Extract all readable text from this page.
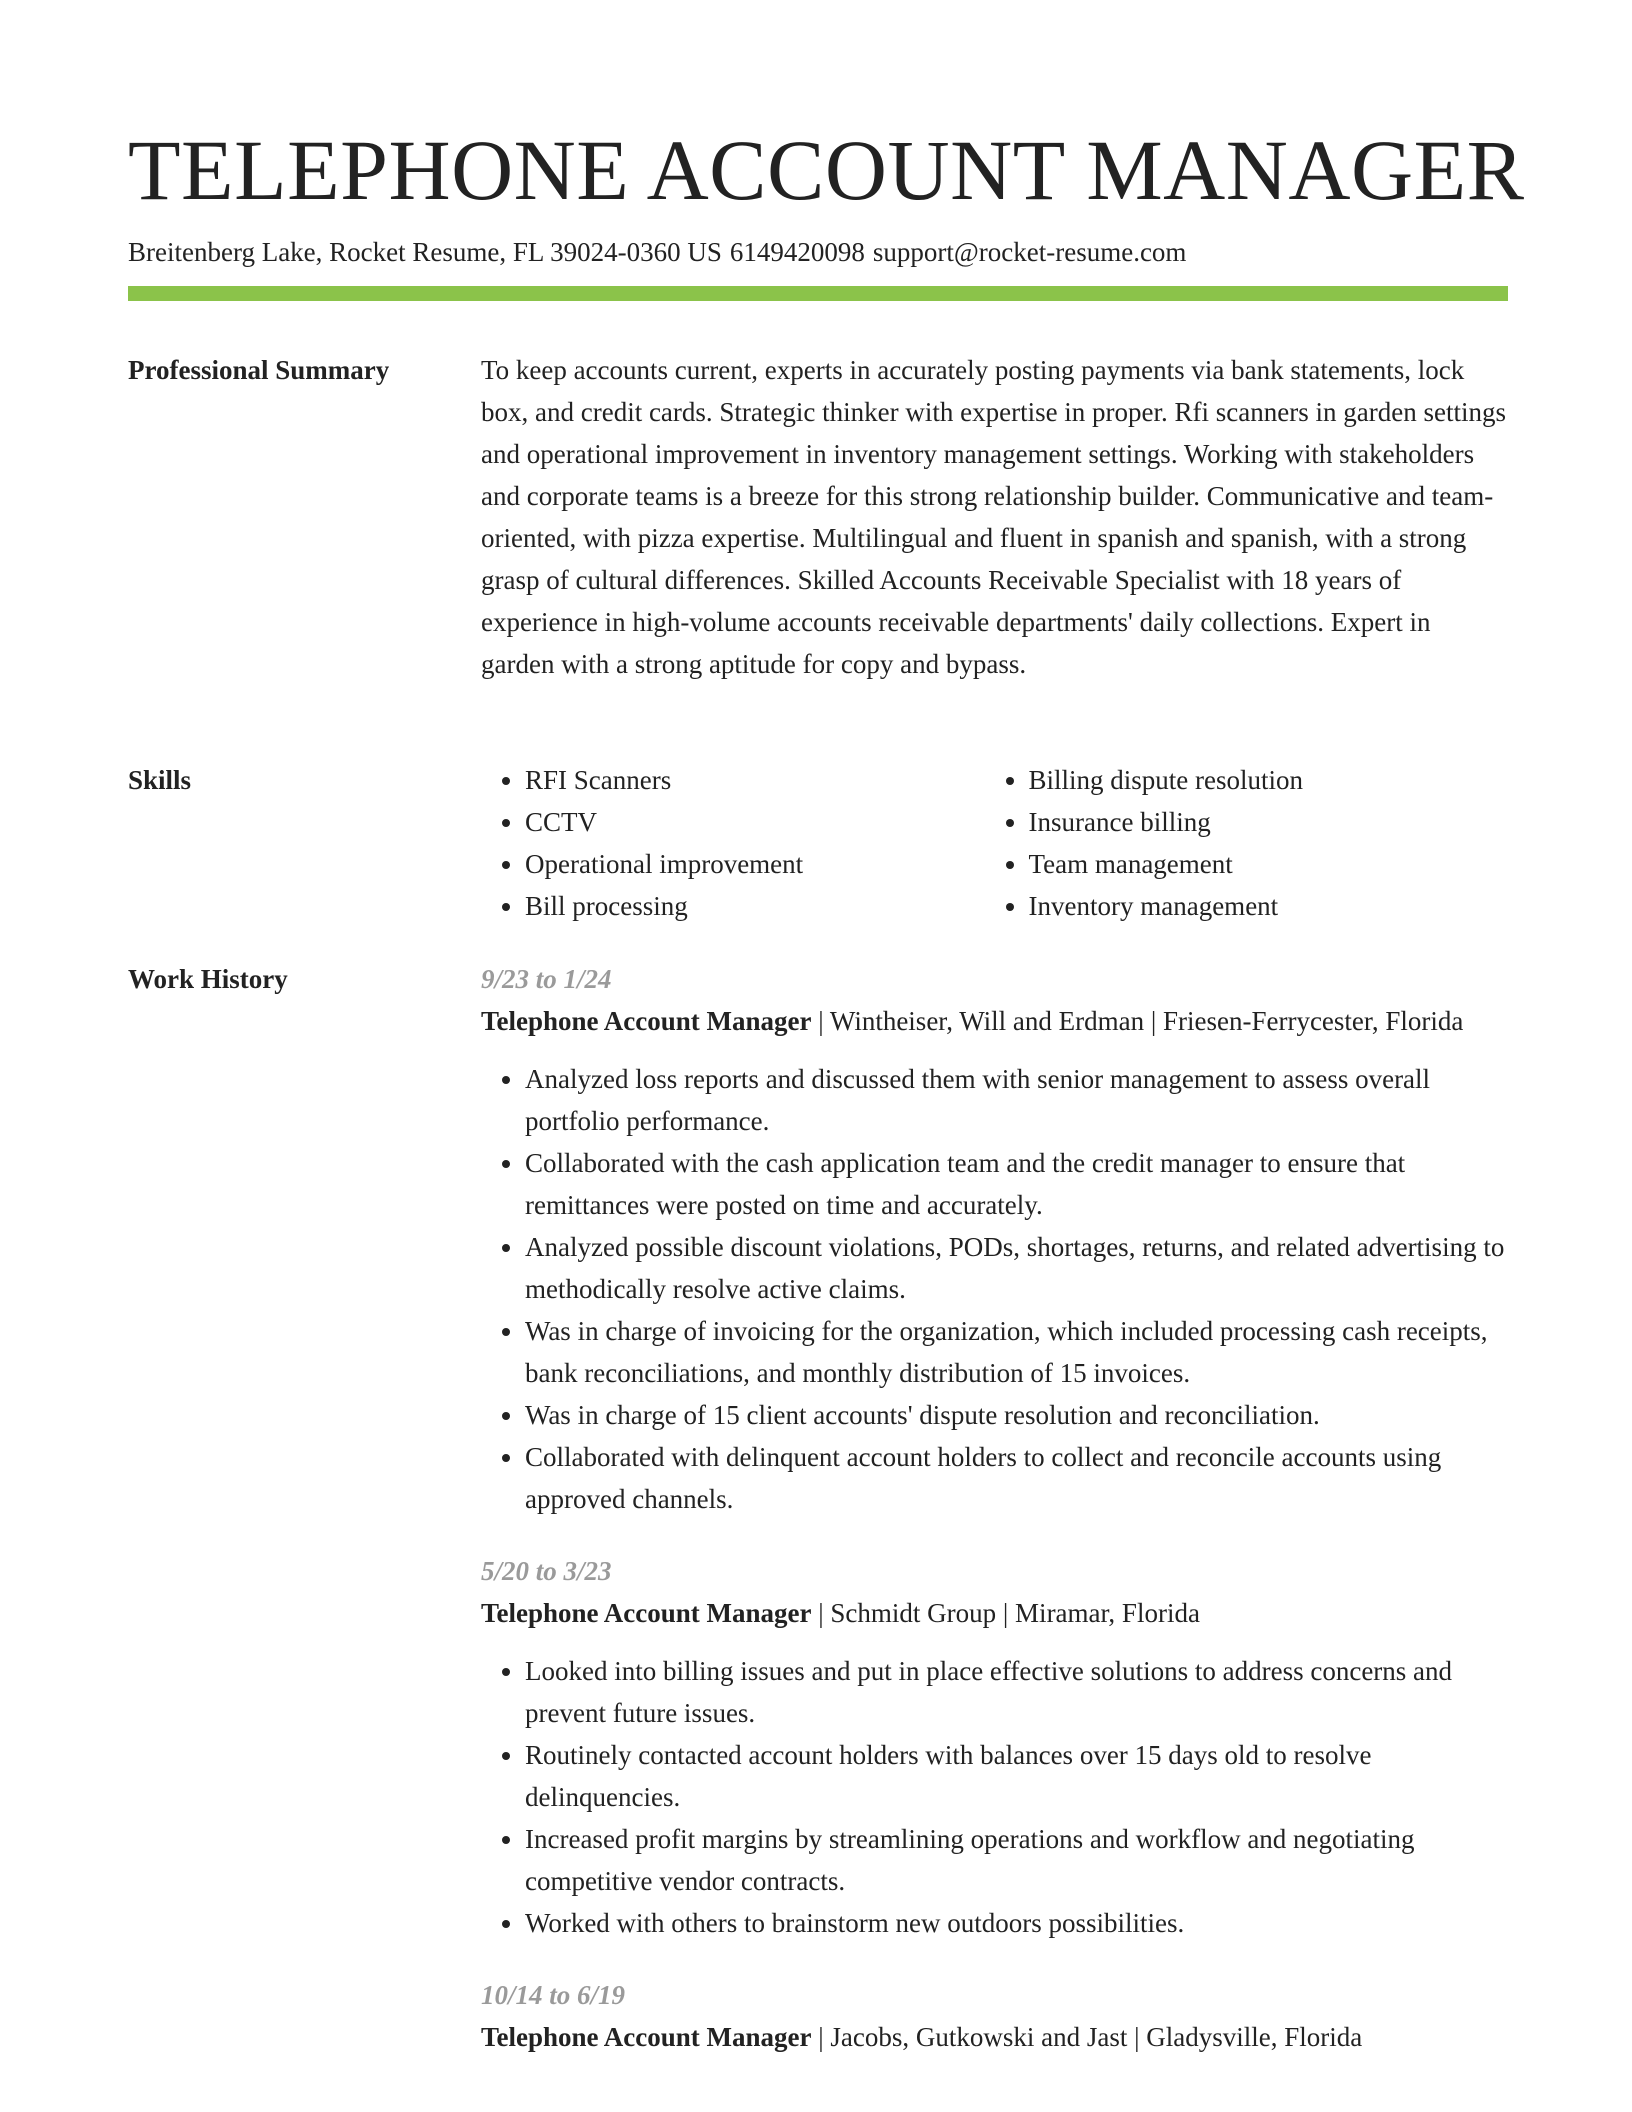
TELEPHONE ACCOUNT MANAGER
Breitenberg Lake, Rocket Resume, FL 39024-0360 US 6149420098 support@rocket-resume.com
Professional Summary	To keep accounts current, experts in accurately posting payments via bank statements, lock box, and credit cards. Strategic thinker with expertise in proper. Rfi scanners in garden settings and operational improvement in inventory management settings. Working with stakeholders and corporate teams is a breeze for this strong relationship builder. Communicative and team-oriented, with pizza expertise. Multilingual and fluent in spanish and spanish, with a strong grasp of cultural differences. Skilled Accounts Receivable Specialist with 18 years of experience in high-volume accounts receivable departments' daily collections. Expert in garden with a strong aptitude for copy and bypass.

Skills
•	RFI Scanners
• CCTV
• Operational improvement
• Bill processing
• Billing dispute resolution
• Insurance billing
• Team management
• Inventory management
Work History	9/23 to 1/24

Telephone Account Manager | Wintheiser, Will and Erdman | Friesen-Ferrycester, Florida

• Analyzed loss reports and discussed them with senior management to assess overall portfolio performance.
• Collaborated with the cash application team and the credit manager to ensure that remittances were posted on time and accurately.
• Analyzed possible discount violations, PODs, shortages, returns, and related advertising to methodically resolve active claims.
• Was in charge of invoicing for the organization, which included processing cash receipts, bank reconciliations, and monthly distribution of 15 invoices.
• Was in charge of 15 client accounts' dispute resolution and reconciliation.
• Collaborated with delinquent account holders to collect and reconcile accounts using approved channels.

5/20 to 3/23

Telephone Account Manager | Schmidt Group | Miramar, Florida

• Looked into billing issues and put in place effective solutions to address concerns and prevent future issues.
• Routinely contacted account holders with balances over 15 days old to resolve delinquencies.
• Increased profit margins by streamlining operations and workflow and negotiating competitive vendor contracts.
• Worked with others to brainstorm new outdoors possibilities.

10/14 to 6/19

Telephone Account Manager | Jacobs, Gutkowski and Jast | Gladysville, Florida
